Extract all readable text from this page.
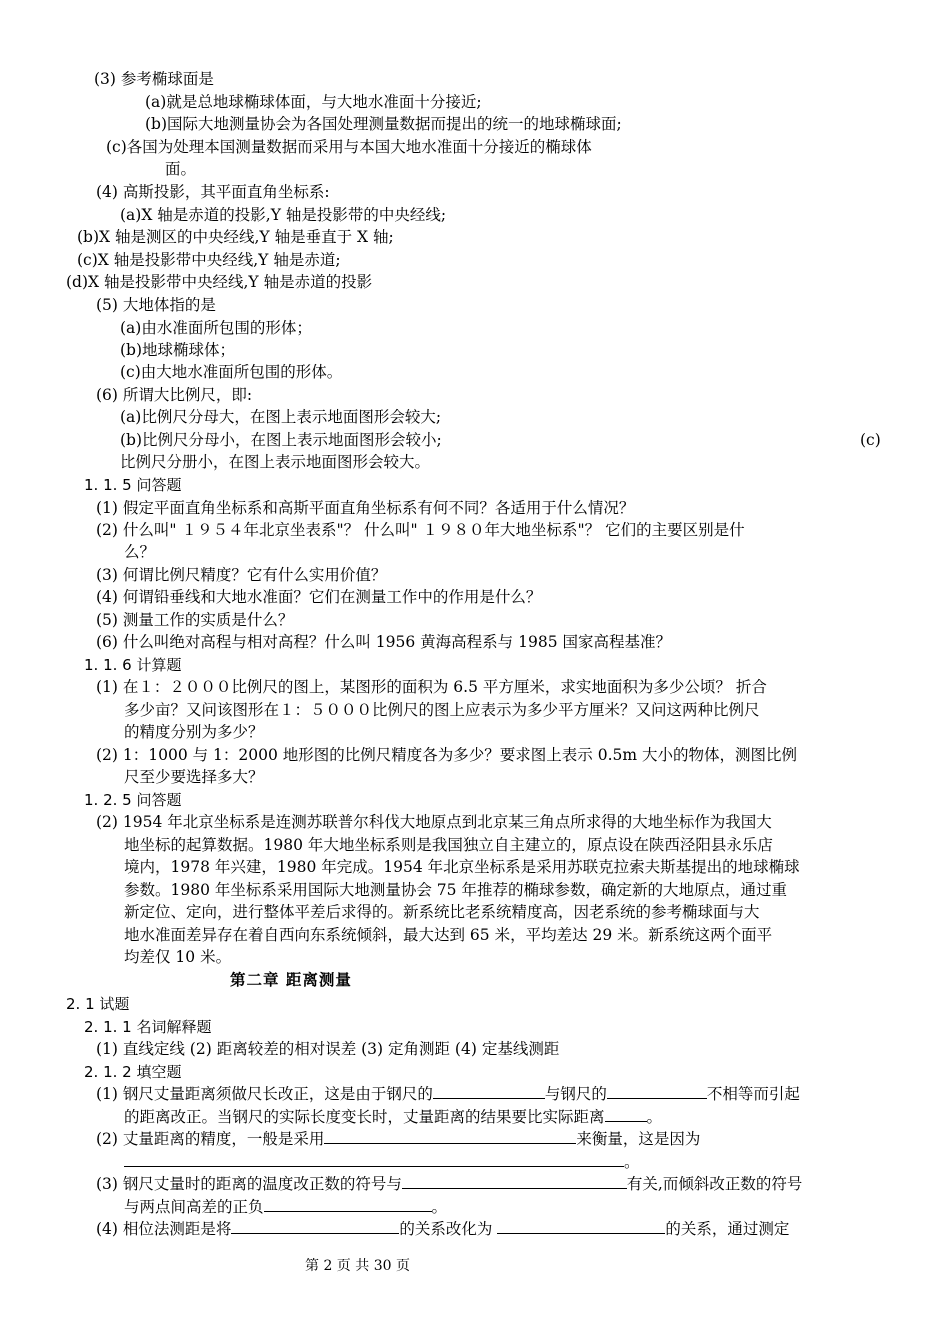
(3) 参考椭球面是
(a)就是总地球椭球体面，与大地水准面十分接近;
(b)国际大地测量协会为各国处理测量数据而提出的统一的地球椭球面;
(c)各国为处理本国测量数据而采用与本国大地水准面十分接近的椭球体
面。
(4) 高斯投影，其平面直角坐标系:
(a)X 轴是赤道的投影,Y 轴是投影带的中央经线;
(b)X 轴是测区的中央经线,Y 轴是垂直于 X 轴;
(c)X 轴是投影带中央经线,Y 轴是赤道;
(d)X 轴是投影带中央经线,Y 轴是赤道的投影
(5) 大地体指的是
(a)由水准面所包围的形体；
(b)地球椭球体；
(c)由大地水准面所包围的形体。
(6) 所谓大比例尺，即:
(a)比例尺分母大，在图上表示地面图形会较大;
(b)比例尺分母小，在图上表示地面图形会较小;	(c)
比例尺分册小，在图上表示地面图形会较大。
1. 1. 5 问答题
(1) 假定平面直角坐标系和高斯平面直角坐标系有何不同？各适用于什么情况？
(2) 什么叫" １９５４年北京坐表系"？ 什么叫" １９８０年大地坐标系"？ 它们的主要区别是什
么？
(3) 何谓比例尺精度？它有什么实用价值？
(4) 何谓铅垂线和大地水准面？它们在测量工作中的作用是什么？
(5) 测量工作的实质是什么？
(6) 什么叫绝对高程与相对高程？什么叫 1956 黄海高程系与 1985 国家高程基准？
1. 1. 6 计算题
(1) 在１：２０００比例尺的图上，某图形的面积为 6.5 平方厘米，求实地面积为多少公顷？ 折合
多少亩？又问该图形在１：５０００比例尺的图上应表示为多少平方厘米？又问这两种比例尺
的精度分别为多少？
(2) 1：1000 与 1：2000 地形图的比例尺精度各为多少？要求图上表示 0.5m 大小的物体，测图比例
尺至少要选择多大？
1. 2. 5 问答题
(2) 1954 年北京坐标系是连测苏联普尔科伐大地原点到北京某三角点所求得的大地坐标作为我国大
地坐标的起算数据。1980 年大地坐标系则是我国独立自主建立的，原点设在陕西泾阳县永乐店
境内，1978 年兴建，1980 年完成。1954 年北京坐标系是采用苏联克拉索夫斯基提出的地球椭球
参数。1980 年坐标系采用国际大地测量协会 75 年推荐的椭球参数，确定新的大地原点，通过重
新定位、定向，进行整体平差后求得的。新系统比老系统精度高，因老系统的参考椭球面与大
地水准面差异存在着自西向东系统倾斜，最大达到 65 米，平均差达 29 米。新系统这两个面平
均差仅 10 米。
第二章 距离测量
2. 1 试题
2. 1. 1 名词解释题
(1) 直线定线 (2) 距离较差的相对误差 (3) 定角测距 (4) 定基线测距
2. 1. 2 填空题
(1) 钢尺丈量距离须做尺长改正，这是由于钢尺的	与钢尺的	不相等而引起
的距离改正。当钢尺的实际长度变长时，丈量距离的结果要比实际距离	。
(2) 丈量距离的精度，一般是采用	来衡量，这是因为
。
(3) 钢尺丈量时的距离的温度改正数的符号与	有关,而倾斜改正数的符号
与两点间高差的正负	。
(4) 相位法测距是将	的关系改化为	的关系，通过测定
第 2 页 共 30 页
